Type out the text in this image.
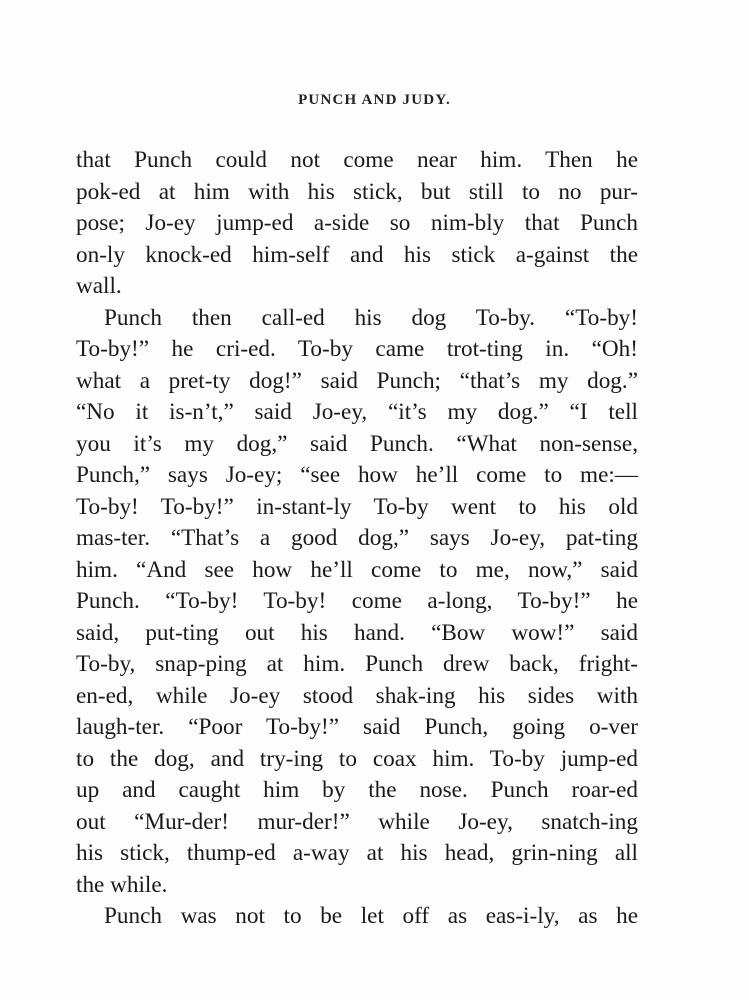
PUNCH AND JUDY.
that Punch could not come near him. Then he
pok-ed at him with his stick, but still to no pur-
pose; Jo-ey jump-ed a-side so nim-bly that Punch
on-ly knock-ed him-self and his stick a-gainst the
wall.
Punch then call-ed his dog To-by. “To-by!
To-by!” he cri-ed. To-by came trot-ting in. “Oh!
what a pret-ty dog!” said Punch; “that’s my dog.”
“No it is-n’t,” said Jo-ey, “it’s my dog.” “I tell
you it’s my dog,” said Punch. “What non-sense,
Punch,” says Jo-ey; “see how he’ll come to me:—
To-by! To-by!” in-stant-ly To-by went to his old
mas-ter. “That’s a good dog,” says Jo-ey, pat-ting
him. “And see how he’ll come to me, now,” said
Punch. “To-by! To-by! come a-long, To-by!” he
said, put-ting out his hand. “Bow wow!” said
To-by, snap-ping at him. Punch drew back, fright-
en-ed, while Jo-ey stood shak-ing his sides with
laugh-ter. “Poor To-by!” said Punch, going o-ver
to the dog, and try-ing to coax him. To-by jump-ed
up and caught him by the nose. Punch roar-ed
out “Mur-der! mur-der!” while Jo-ey, snatch-ing
his stick, thump-ed a-way at his head, grin-ning all
the while.
Punch was not to be let off as eas-i-ly, as he
